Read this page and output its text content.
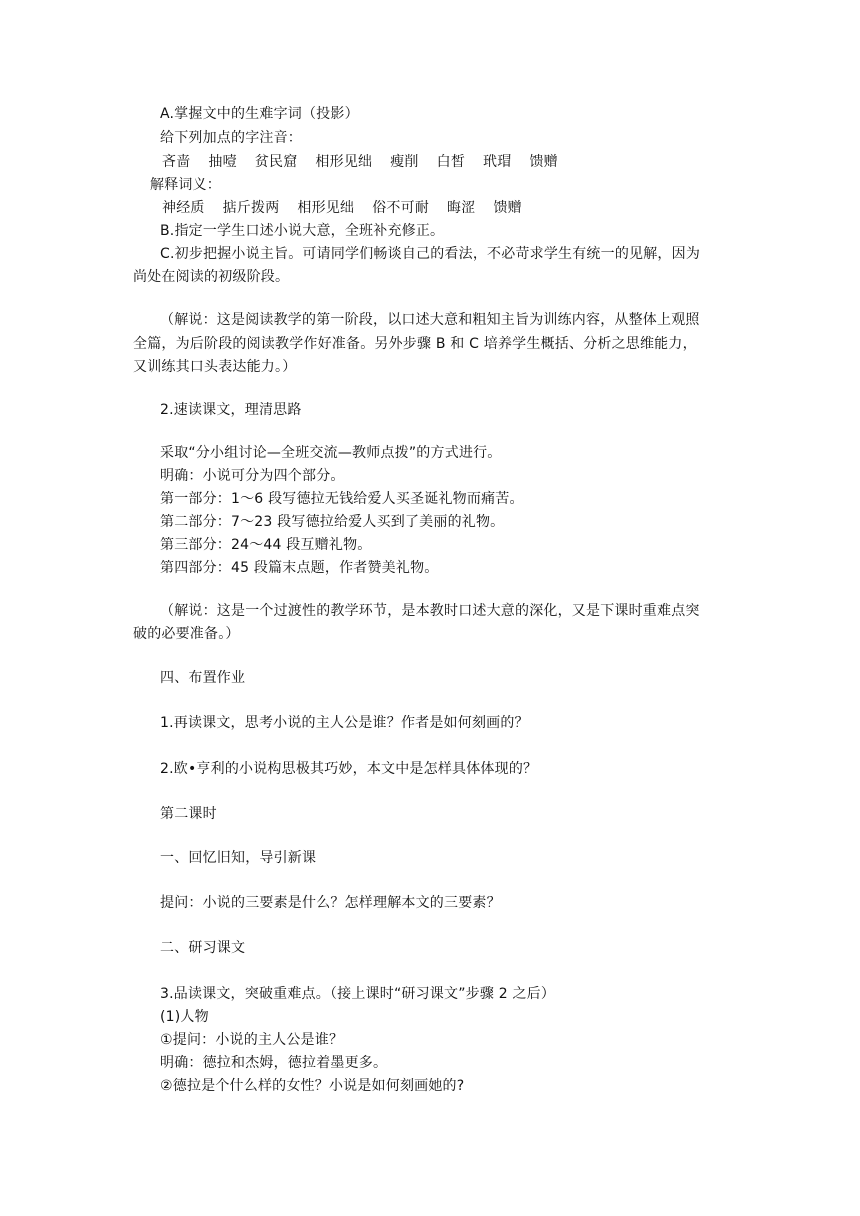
A.掌握文中的生难字词（投影）
给下列加点的字注音：
吝啬 抽噎 贫民窟 相形见绌 瘦削 白皙 玳瑁 馈赠
解释词义：
神经质 掂斤拨两 相形见绌 俗不可耐 晦涩 馈赠
B.指定一学生口述小说大意，全班补充修正。
C.初步把握小说主旨。可请同学们畅谈自己的看法，不必苛求学生有统一的见解，因为
尚处在阅读的初级阶段。
（解说：这是阅读教学的第一阶段，以口述大意和粗知主旨为训练内容，从整体上观照
全篇，为后阶段的阅读教学作好准备。另外步骤 B 和 C 培养学生概括、分析之思维能力，
又训练其口头表达能力。）
2.速读课文，理清思路
采取“分小组讨论—全班交流—教师点拨”的方式进行。
明确：小说可分为四个部分。
第一部分：1～6 段写德拉无钱给爱人买圣诞礼物而痛苦。
第二部分：7～23 段写德拉给爱人买到了美丽的礼物。
第三部分：24～44 段互赠礼物。
第四部分：45 段篇末点题，作者赞美礼物。
（解说：这是一个过渡性的教学环节，是本教时口述大意的深化，又是下课时重难点突
破的必要准备。）
四、布置作业
1.再读课文，思考小说的主人公是谁？作者是如何刻画的？
2.欧•亨利的小说构思极其巧妙，本文中是怎样具体体现的？
第二课时
一、回忆旧知，导引新课
提问：小说的三要素是什么？怎样理解本文的三要素？
二、研习课文
3.品读课文，突破重难点。（接上课时“研习课文”步骤 2 之后）
(1)人物
①提问：小说的主人公是谁？
明确：德拉和杰姆，德拉着墨更多。
②德拉是个什么样的女性？小说是如何刻画她的?
